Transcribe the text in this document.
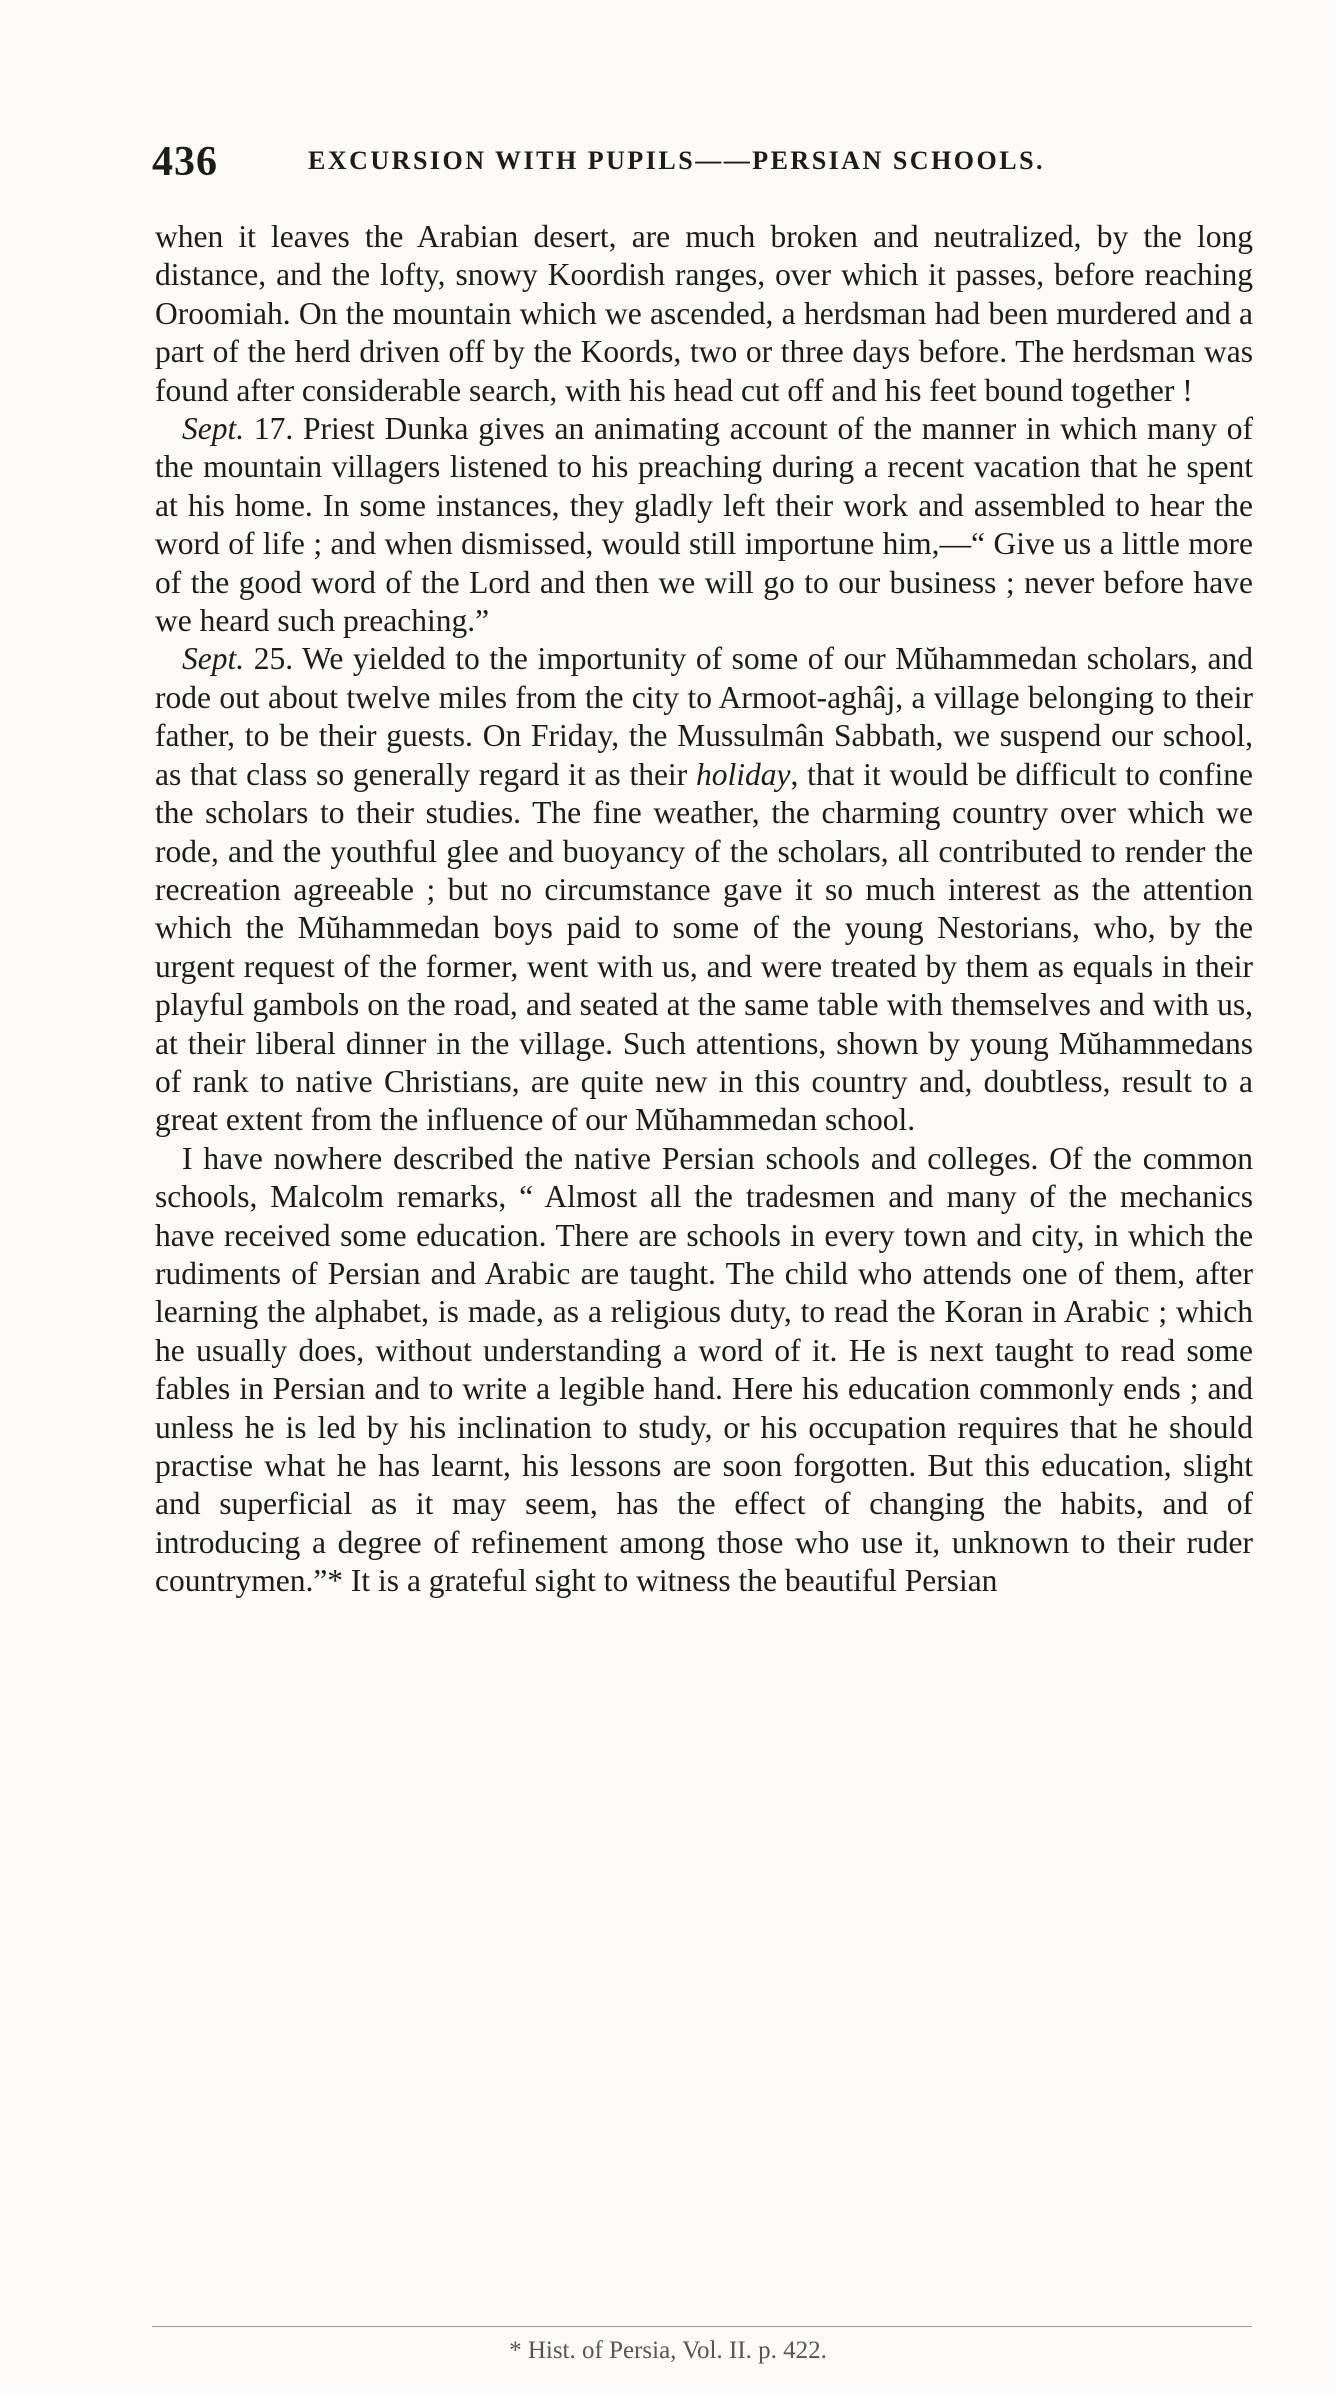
436	EXCURSION WITH PUPILS——PERSIAN SCHOOLS.

when it leaves the Arabian desert, are much broken and neutralized, by the long distance, and the lofty, snowy Koordish ranges, over which it passes, before reaching Oroomiah. On the mountain which we ascended, a herdsman had been murdered and a part of the herd driven off by the Koords, two or three days before. The herdsman was found after considerable search, with his head cut off and his feet bound together !

Sept. 17. Priest Dunka gives an animating account of the manner in which many of the mountain villagers listened to his preaching during a recent vacation that he spent at his home. In some instances, they gladly left their work and assembled to hear the word of life ; and when dismissed, would still importune him,—“ Give us a little more of the good word of the Lord and then we will go to our business ; never before have we heard such preaching.”

Sept. 25. We yielded to the importunity of some of our Mŭhammedan scholars, and rode out about twelve miles from the city to Armoot-aghâj, a village belonging to their father, to be their guests. On Friday, the Mussulmân Sabbath, we suspend our school, as that class so generally regard it as their holiday, that it would be difficult to confine the scholars to their studies. The fine weather, the charming country over which we rode, and the youthful glee and buoyancy of the scholars, all contributed to render the recreation agreeable ; but no circumstance gave it so much interest as the attention which the Mŭhammedan boys paid to some of the young Nestorians, who, by the urgent request of the former, went with us, and were treated by them as equals in their playful gambols on the road, and seated at the same table with themselves and with us, at their liberal dinner in the village. Such attentions, shown by young Mŭhammedans of rank to native Christians, are quite new in this country and, doubtless, result to a great extent from the influence of our Mŭhammedan school.

I have nowhere described the native Persian schools and colleges. Of the common schools, Malcolm remarks, “ Almost all the tradesmen and many of the mechanics have received some education. There are schools in every town and city, in which the rudiments of Persian and Arabic are taught. The child who attends one of them, after learning the alphabet, is made, as a religious duty, to read the Koran in Arabic ; which he usually does, without understanding a word of it. He is next taught to read some fables in Persian and to write a legible hand. Here his education commonly ends ; and unless he is led by his inclination to study, or his occupation requires that he should practise what he has learnt, his lessons are soon forgotten. But this education, slight and superficial as it may seem, has the effect of changing the habits, and of introducing a degree of refinement among those who use it, unknown to their ruder countrymen.”* It is a grateful sight to witness the beautiful Persian

* Hist. of Persia, Vol. II. p. 422.
